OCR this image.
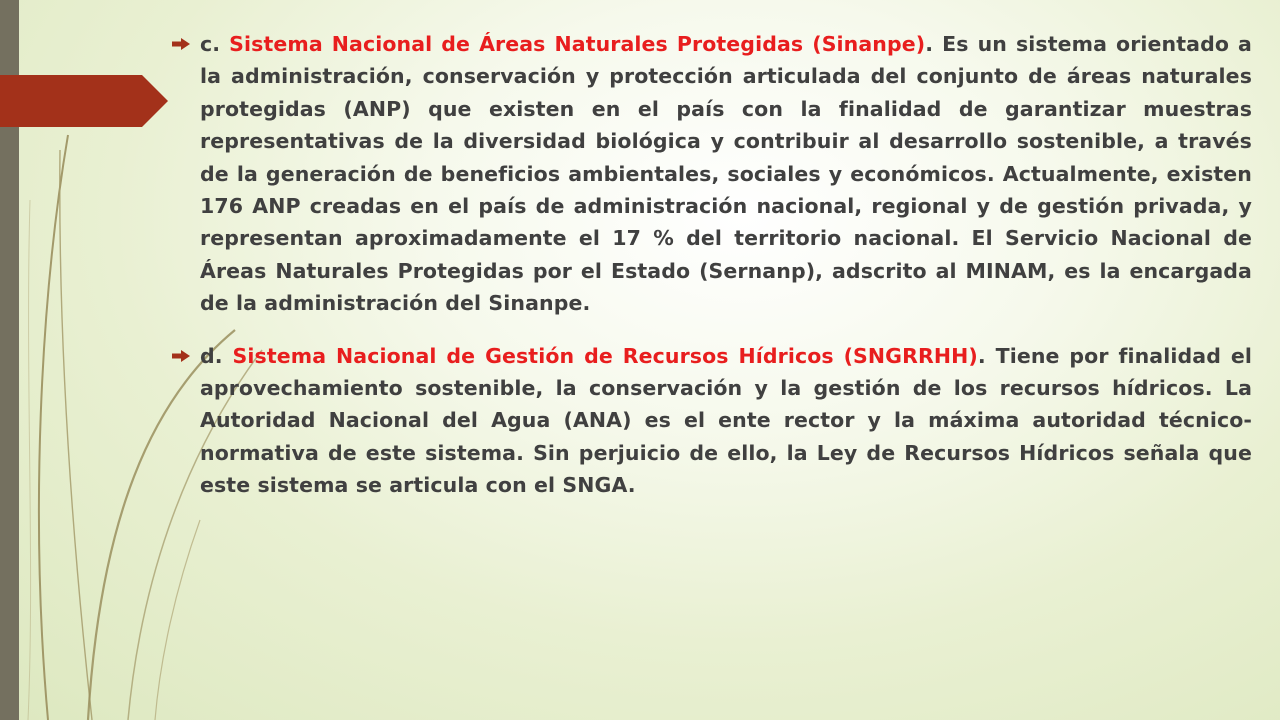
c. Sistema Nacional de Áreas Naturales Protegidas (Sinanpe). Es un sistema orientado a la administración, conservación y protección articulada del conjunto de áreas naturales protegidas (ANP) que existen en el país con la finalidad de garantizar muestras representativas de la diversidad biológica y contribuir al desarrollo sostenible, a través de la generación de beneficios ambientales, sociales y económicos. Actualmente, existen 176 ANP creadas en el país de administración nacional, regional y de gestión privada, y representan aproximadamente el 17 % del territorio nacional. El Servicio Nacional de Áreas Naturales Protegidas por el Estado (Sernanp), adscrito al MINAM, es la encargada de la administración del Sinanpe.

d. Sistema Nacional de Gestión de Recursos Hídricos (SNGRRHH). Tiene por finalidad el aprovechamiento sostenible, la conservación y la gestión de los recursos hídricos. La Autoridad Nacional del Agua (ANA) es el ente rector y la máxima autoridad técnico-normativa de este sistema. Sin perjuicio de ello, la Ley de Recursos Hídricos señala que este sistema se articula con el SNGA.
